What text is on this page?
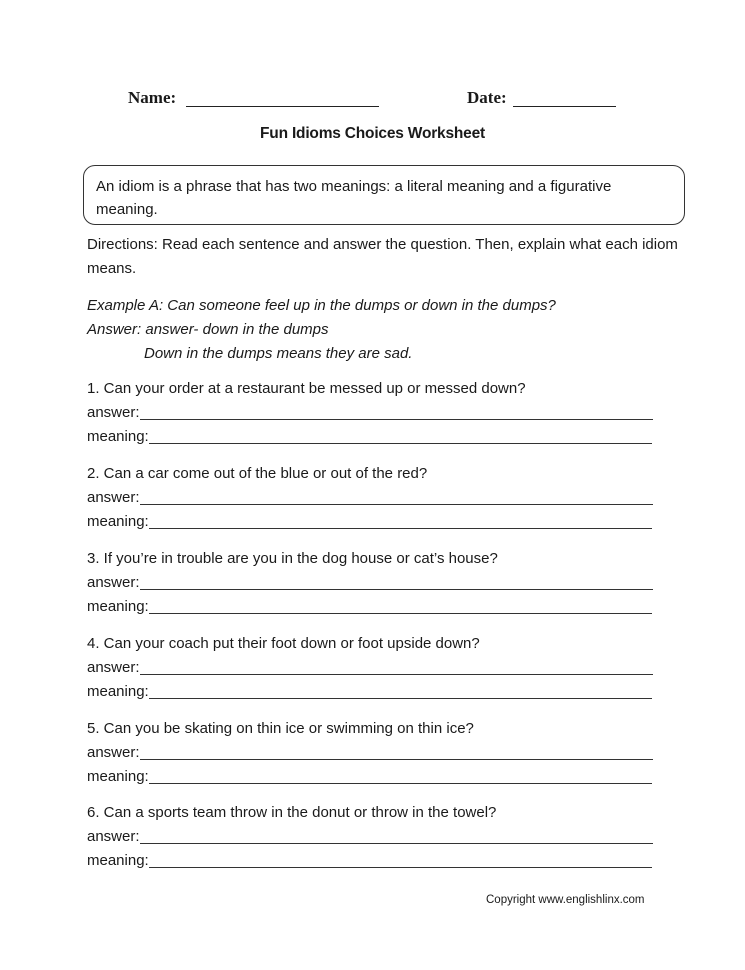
Name:	Date:
Fun Idioms Choices Worksheet
An idiom is a phrase that has two meanings: a literal meaning and a figurative meaning.
Directions: Read each sentence and answer the question. Then, explain what each idiom means.
Example A: Can someone feel up in the dumps or down in the dumps?
Answer: answer- down in the dumps
Down in the dumps means they are sad.
1. Can your order at a restaurant be messed up or messed down?
answer:
meaning:
2. Can a car come out of the blue or out of the red?
answer:
meaning:
3. If you’re in trouble are you in the dog house or cat’s house?
answer:
meaning:
4. Can your coach put their foot down or foot upside down?
answer:
meaning:
5. Can you be skating on thin ice or swimming on thin ice?
answer:
meaning:
6. Can a sports team throw in the donut or throw in the towel?
answer:
meaning:
Copyright www.englishlinx.com
